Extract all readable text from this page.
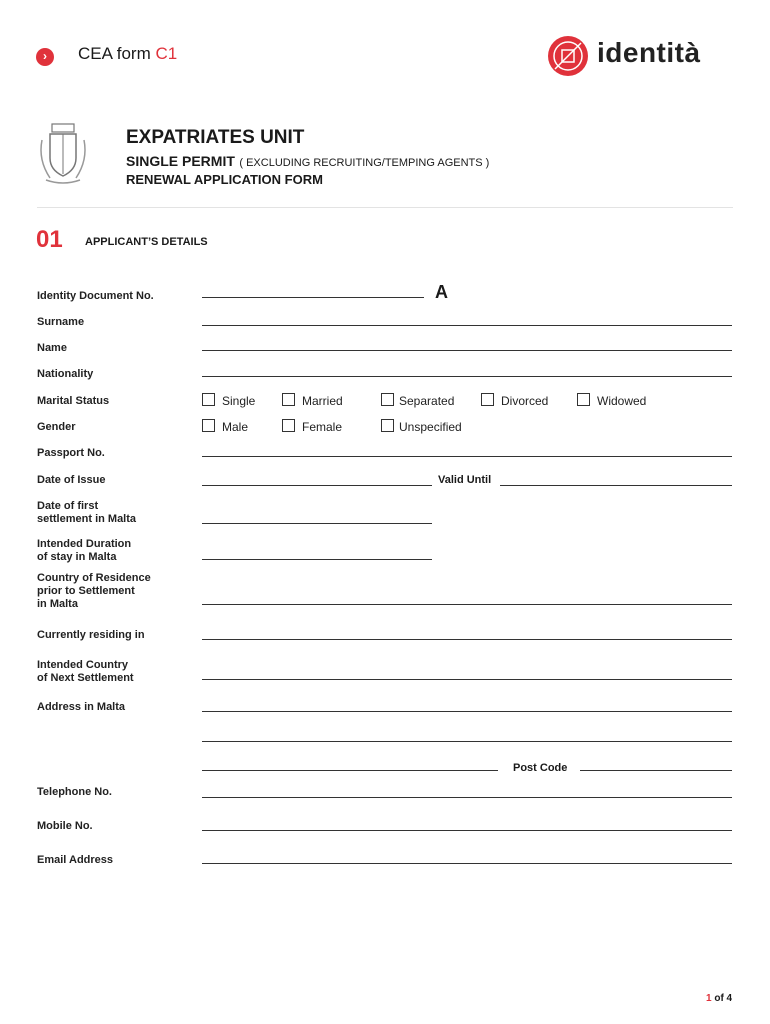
›	CEA form C1	identità
EXPATRIATES UNIT
SINGLE PERMIT ( EXCLUDING RECRUITING/TEMPING AGENTS )
RENEWAL APPLICATION FORM
01 APPLICANT’S DETAILS
Identity Document No.	A
Surname
Name
Nationality
Marital Status	Single	Married	Separated	Divorced	Widowed
Gender	Male	Female	Unspecified
Passport No.
Date of Issue	Valid Until
Date of first
settlement in Malta
Intended Duration
of stay in Malta
Country of Residence
prior to Settlement
in Malta
Currently residing in
Intended Country
of Next Settlement
Address in Malta
Post Code
Telephone No.
Mobile No.
Email Address
1 of 4
